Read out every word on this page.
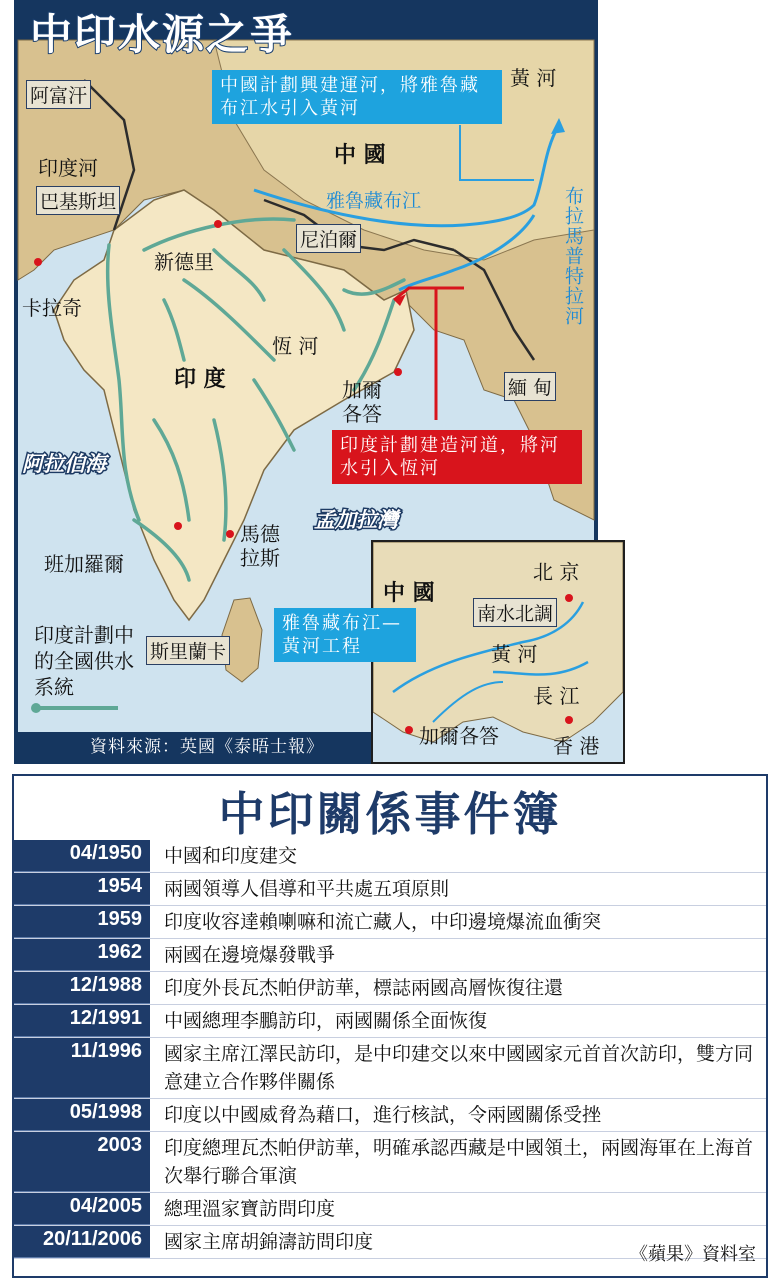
中印水源之爭
阿富汗
印度河
巴基斯坦
卡拉奇
新德里
尼泊爾
中 國
雅魯藏布江
黃 河
布拉馬普特拉河
恆 河
印 度	緬 甸
加爾各答
阿拉伯海
孟加拉灣
班加羅爾
馬德拉斯
斯里蘭卡
印度計劃中的全國供水系統
中國計劃興建運河，將雅魯藏布江水引入黃河
印度計劃建造河道，將河水引入恆河
中 國
北 京
南水北調
黃 河
長 江
香 港
加爾各答
雅魯藏布江—黃河工程
資料來源：英國《泰晤士報》
中印關係事件簿
04/1950	中國和印度建交
1954	兩國領導人倡導和平共處五項原則
1959	印度收容達賴喇嘛和流亡藏人，中印邊境爆流血衝突
1962	兩國在邊境爆發戰爭
12/1988	印度外長瓦杰帕伊訪華，標誌兩國高層恢復往還
12/1991	中國總理李鵬訪印，兩國關係全面恢復
11/1996	國家主席江澤民訪印，是中印建交以來中國國家元首首次訪印，雙方同意建立合作夥伴關係
05/1998	印度以中國威脅為藉口，進行核試，令兩國關係受挫
2003	印度總理瓦杰帕伊訪華，明確承認西藏是中國領土，兩國海軍在上海首次舉行聯合軍演
04/2005	總理溫家寶訪問印度
20/11/2006	國家主席胡錦濤訪問印度
《蘋果》資料室
